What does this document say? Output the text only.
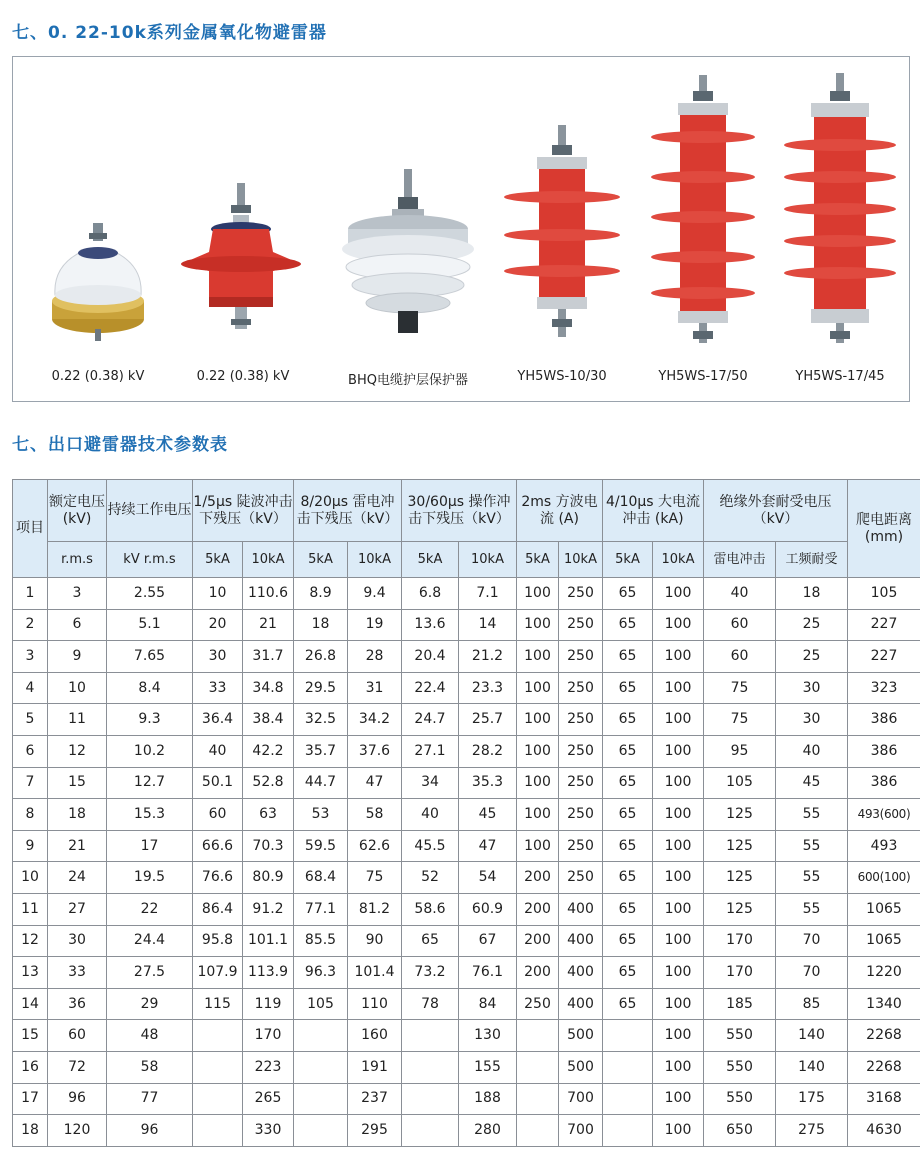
七、0. 22-10k系列金属氧化物避雷器
0.22 (0.38) kV	0.22 (0.38) kV	BHQ电缆护层保护器	YH5WS-10/30	YH5WS-17/50	YH5WS-17/45
七、出口避雷器技术参数表
项目	额定电压(kV)	持续工作电压	1/5μs 陡波冲击下残压（kV）		8/20μs 雷电冲击下残压（kV）		30/60μs 操作冲击下残压（kV）		2ms 方波电流 (A)		4/10μs 大电流冲击 (kA)		绝缘外套耐受电压（kV）		爬电距离 (mm)
	r.m.s	kV r.m.s	5kA	10kA	5kA	10kA	5kA	10kA	5kA	10kA	5kA	10kA	雷电冲击	工频耐受	
1	3	2.55	10	110.6	8.9	9.4	6.8	7.1	100	250	65	100	40	18	105
2	6	5.1	20	21	18	19	13.6	14	100	250	65	100	60	25	227
3	9	7.65	30	31.7	26.8	28	20.4	21.2	100	250	65	100	60	25	227
4	10	8.4	33	34.8	29.5	31	22.4	23.3	100	250	65	100	75	30	323
5	11	9.3	36.4	38.4	32.5	34.2	24.7	25.7	100	250	65	100	75	30	386
6	12	10.2	40	42.2	35.7	37.6	27.1	28.2	100	250	65	100	95	40	386
7	15	12.7	50.1	52.8	44.7	47	34	35.3	100	250	65	100	105	45	386
8	18	15.3	60	63	53	58	40	45	100	250	65	100	125	55	493(600)
9	21	17	66.6	70.3	59.5	62.6	45.5	47	100	250	65	100	125	55	493
10	24	19.5	76.6	80.9	68.4	75	52	54	200	250	65	100	125	55	600(100)
11	27	22	86.4	91.2	77.1	81.2	58.6	60.9	200	400	65	100	125	55	1065
12	30	24.4	95.8	101.1	85.5	90	65	67	200	400	65	100	170	70	1065
13	33	27.5	107.9	113.9	96.3	101.4	73.2	76.1	200	400	65	100	170	70	1220
14	36	29	115	119	105	110	78	84	250	400	65	100	185	85	1340
15	60	48		170		160		130		500		100	550	140	2268
16	72	58		223		191		155		500		100	550	140	2268
17	96	77		265		237		188		700		100	550	175	3168
18	120	96		330		295		280		700		100	650	275	4630
